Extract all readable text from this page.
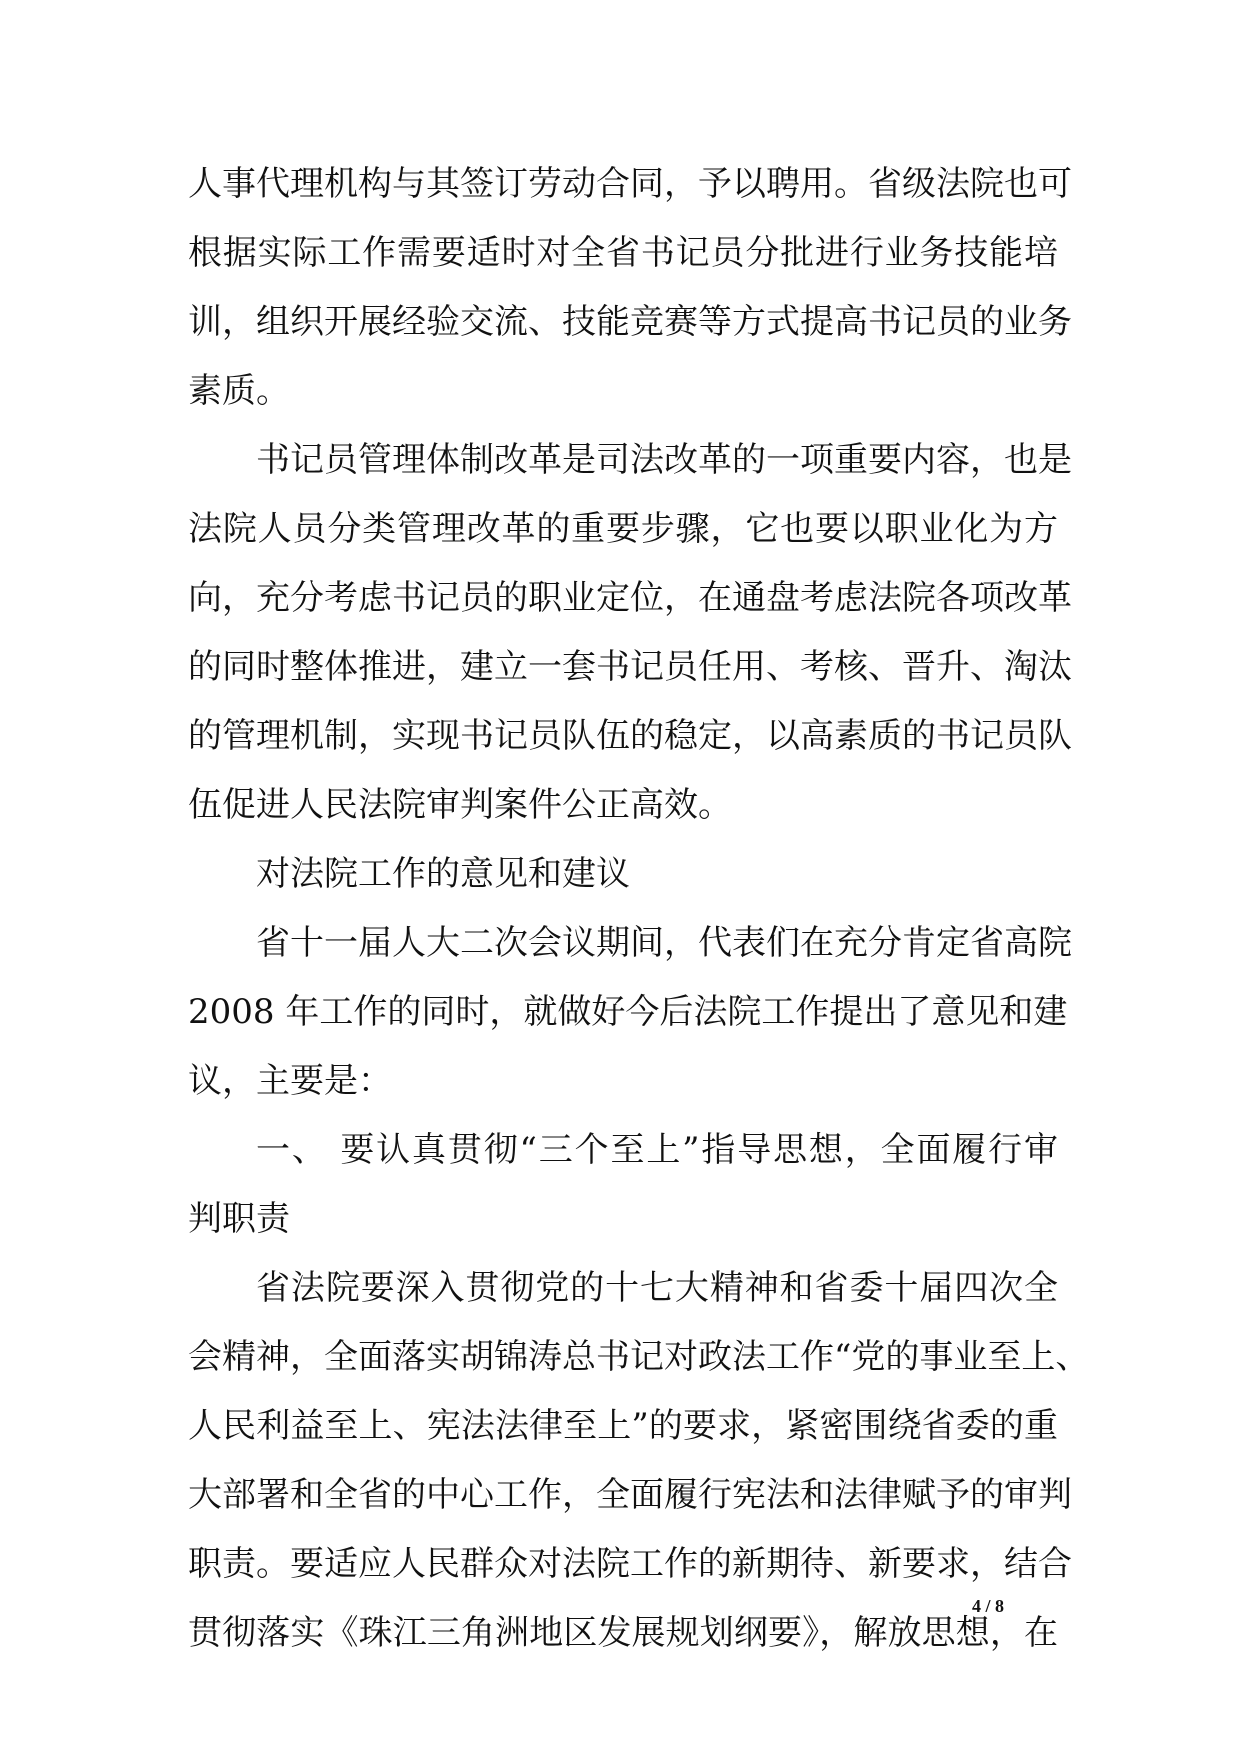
人事代理机构与其签订劳动合同，予以聘用。省级法院也可
根据实际工作需要适时对全省书记员分批进行业务技能培
训，组织开展经验交流、技能竞赛等方式提高书记员的业务
素质。
书记员管理体制改革是司法改革的一项重要内容，也是
法院人员分类管理改革的重要步骤，它也要以职业化为方
向，充分考虑书记员的职业定位，在通盘考虑法院各项改革
的同时整体推进，建立一套书记员任用、考核、晋升、淘汰
的管理机制，实现书记员队伍的稳定，以高素质的书记员队
伍促进人民法院审判案件公正高效。
对法院工作的意见和建议
省十一届人大二次会议期间，代表们在充分肯定省高院
2008 年工作的同时，就做好今后法院工作提出了意见和建
议，主要是：
一、 要认真贯彻“三个至上”指导思想，全面履行审
判职责
省法院要深入贯彻党的十七大精神和省委十届四次全
会精神，全面落实胡锦涛总书记对政法工作“党的事业至上、
人民利益至上、宪法法律至上”的要求，紧密围绕省委的重
大部署和全省的中心工作，全面履行宪法和法律赋予的审判
职责。要适应人民群众对法院工作的新期待、新要求，结合
贯彻落实《珠江三角洲地区发展规划纲要》，解放思想，在
4 / 8
